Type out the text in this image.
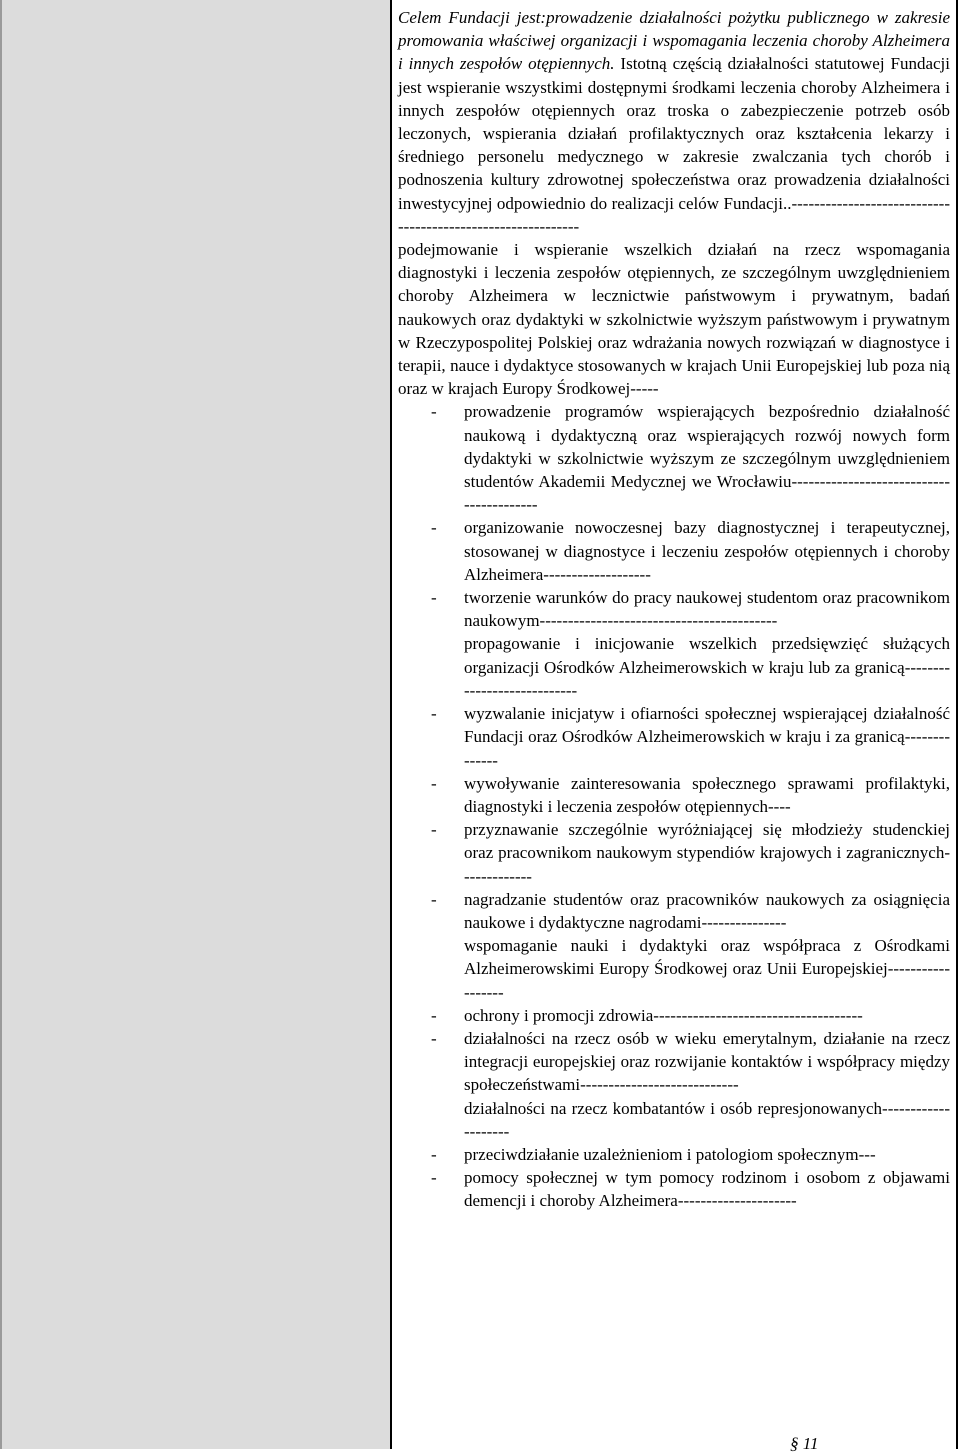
Celem Fundacji jest:prowadzenie działalności pożytku publicznego w zakresie promowania właściwej organizacji i wspomagania leczenia choroby Alzheimera i innych zespołów otępiennych. Istotną częścią działalności statutowej Fundacji jest wspieranie wszystkimi dostępnymi środkami leczenia choroby Alzheimera i innych zespołów otępiennych oraz troska o zabezpieczenie potrzeb osób leczonych, wspierania działań profilaktycznych oraz kształcenia lekarzy i średniego personelu medycznego w zakresie zwalczania tych chorób i podnoszenia kultury zdrowotnej społeczeństwa oraz prowadzenia działalności inwestycyjnej odpowiednio do realizacji celów Fundacji..------------------------------------------------------------

podejmowanie i wspieranie wszelkich działań na rzecz wspomagania diagnostyki i leczenia zespołów otępiennych, ze szczególnym uwzględnieniem choroby Alzheimera w lecznictwie państwowym i prywatnym, badań naukowych oraz dydaktyki w szkolnictwie wyższym państwowym i prywatnym w Rzeczypospolitej Polskiej oraz wdrażania nowych rozwiązań w diagnostyce i terapii, nauce i dydaktyce stosowanych w krajach Unii Europejskiej lub poza nią oraz w krajach Europy Środkowej-----

- prowadzenie programów wspierających bezpośrednio działalność naukową i dydaktyczną oraz wspierających rozwój nowych form dydaktyki w szkolnictwie wyższym ze szczególnym uwzględnieniem studentów Akademii Medycznej we Wrocławiu-----------------------------------------
- organizowanie nowoczesnej bazy diagnostycznej i terapeutycznej, stosowanej w diagnostyce i leczeniu zespołów otępiennych i choroby Alzheimera-------------------
- tworzenie warunków do pracy naukowej studentom oraz pracownikom naukowym------------------------------------------
propagowanie i inicjowanie wszelkich przedsięwzięć służących organizacji Ośrodków Alzheimerowskich w kraju lub za granicą----------------------------
- wyzwalanie inicjatyw i ofiarności społecznej wspierającej działalność Fundacji oraz Ośrodków Alzheimerowskich w kraju i za granicą--------------
- wywoływanie zainteresowania społecznego sprawami profilaktyki, diagnostyki i leczenia zespołów otępiennych----
- przyznawanie szczególnie wyróżniającej się młodzieży studenckiej oraz pracownikom naukowym stypendiów krajowych i zagranicznych-------------
- nagradzanie studentów oraz pracowników naukowych za osiągnięcia naukowe i dydaktyczne nagrodami---------------
wspomaganie nauki i dydaktyki oraz współpraca z Ośrodkami Alzheimerowskimi Europy Środkowej oraz Unii Europejskiej------------------
- ochrony i promocji zdrowia-------------------------------------
- działalności na rzecz osób w wieku emerytalnym, działanie na rzecz integracji europejskiej oraz rozwijanie kontaktów i współpracy między społeczeństwami----------------------------
działalności na rzecz kombatantów i osób represjonowanych--------------------
- przeciwdziałanie uzależnieniom i patologiom społecznym---
- pomocy społecznej w tym pomocy rodzinom i osobom z objawami demencji i choroby Alzheimera---------------------
§ 11
